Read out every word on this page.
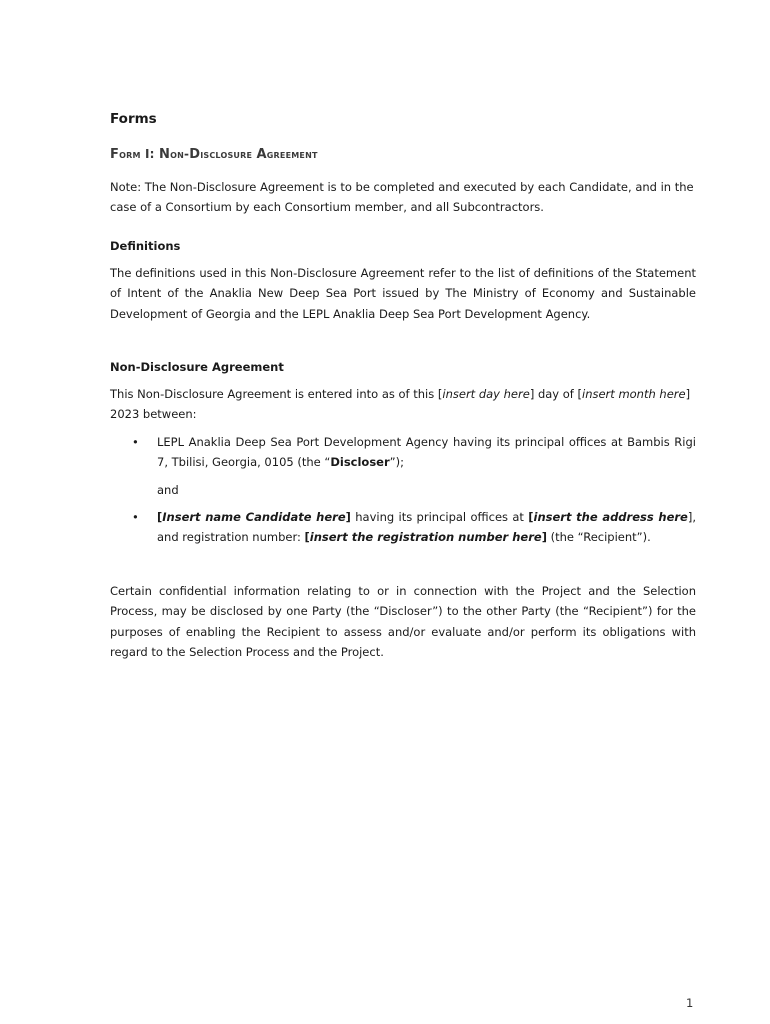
Forms
Form I: Non-Disclosure Agreement

Note: The Non-Disclosure Agreement is to be completed and executed by each Candidate, and in the case of a Consortium by each Consortium member, and all Subcontractors.

Definitions

The definitions used in this Non-Disclosure Agreement refer to the list of definitions of the Statement of Intent of the Anaklia New Deep Sea Port issued by The Ministry of Economy and Sustainable Development of Georgia and the LEPL Anaklia Deep Sea Port Development Agency.

Non-Disclosure Agreement

This Non-Disclosure Agreement is entered into as of this [insert day here] day of [insert month here] 2023 between:

• LEPL Anaklia Deep Sea Port Development Agency having its principal offices at Bambis Rigi 7, Tbilisi, Georgia, 0105 (the “Discloser”);
and
• [Insert name Candidate here] having its principal offices at [insert the address here], and registration number: [insert the registration number here] (the “Recipient”).

Certain confidential information relating to or in connection with the Project and the Selection Process, may be disclosed by one Party (the “Discloser”) to the other Party (the “Recipient”) for the purposes of enabling the Recipient to assess and/or evaluate and/or perform its obligations with regard to the Selection Process and the Project.

1
